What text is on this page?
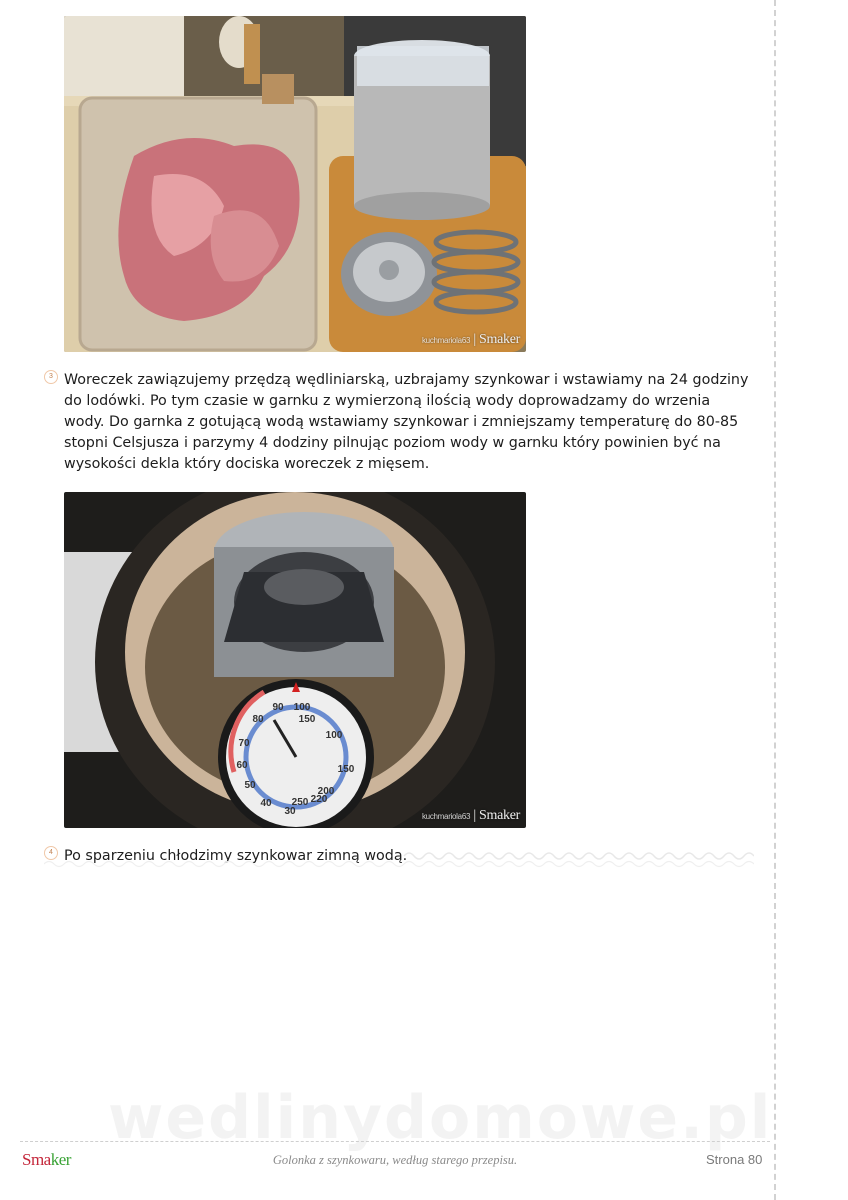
kuchmariola63 | Smaker
3 Woreczek zawiązujemy przędzą wędliniarską, uzbrajamy szynkowar i wstawiamy na 24 godziny do lodówki. Po tym czasie w garnku z wymierzoną ilością wody doprowadzamy do wrzenia wody. Do garnka z gotującą wodą wstawiamy szynkowar i zmniejszamy temperaturę do 80-85 stopni Celsjusza i parzymy 4 dodziny pilnując poziom wody w garnku który powinien być na wysokości dekla który dociska woreczek z mięsem.
100
150
100
150
200
250 220
30
40
50
60
70
80
90
kuchmariola63 | Smaker
4 Po sparzeniu chłodzimy szynkowar zimną wodą.
wedlinydomowe.pl
Smaker	Golonka z szynkowaru, według starego przepisu.	Strona 80
